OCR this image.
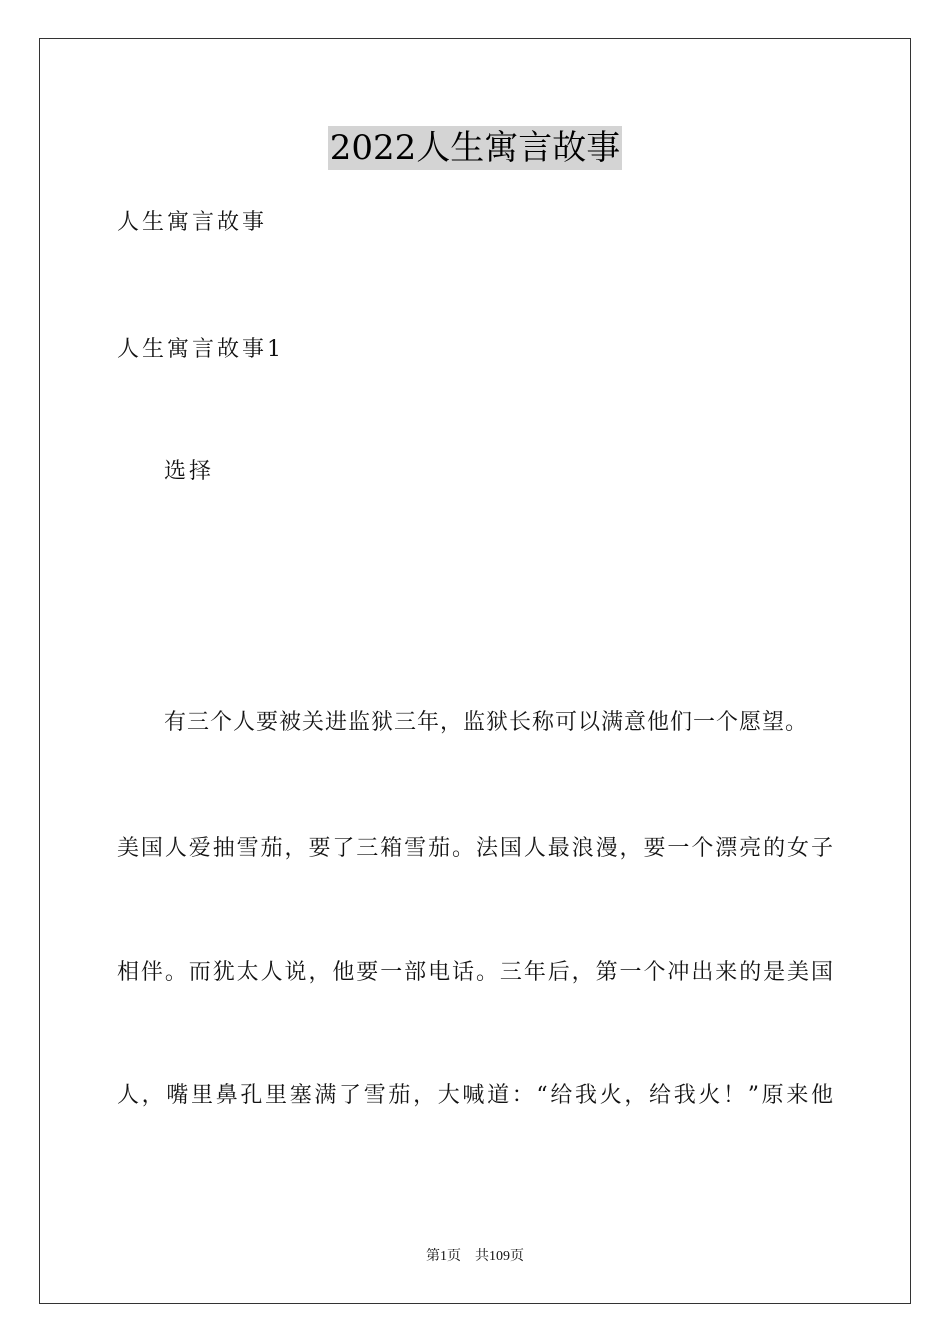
2022人生寓言故事
人生寓言故事
人生寓言故事1
选择
有三个人要被关进监狱三年，监狱长称可以满意他们一个愿望。
美国人爱抽雪茄，要了三箱雪茄。法国人最浪漫，要一个漂亮的女子
相伴。而犹太人说，他要一部电话。三年后，第一个冲出来的是美国
人，嘴里鼻孔里塞满了雪茄，大喊道：“给我火，给我火！”原来他
第1页　共109页
